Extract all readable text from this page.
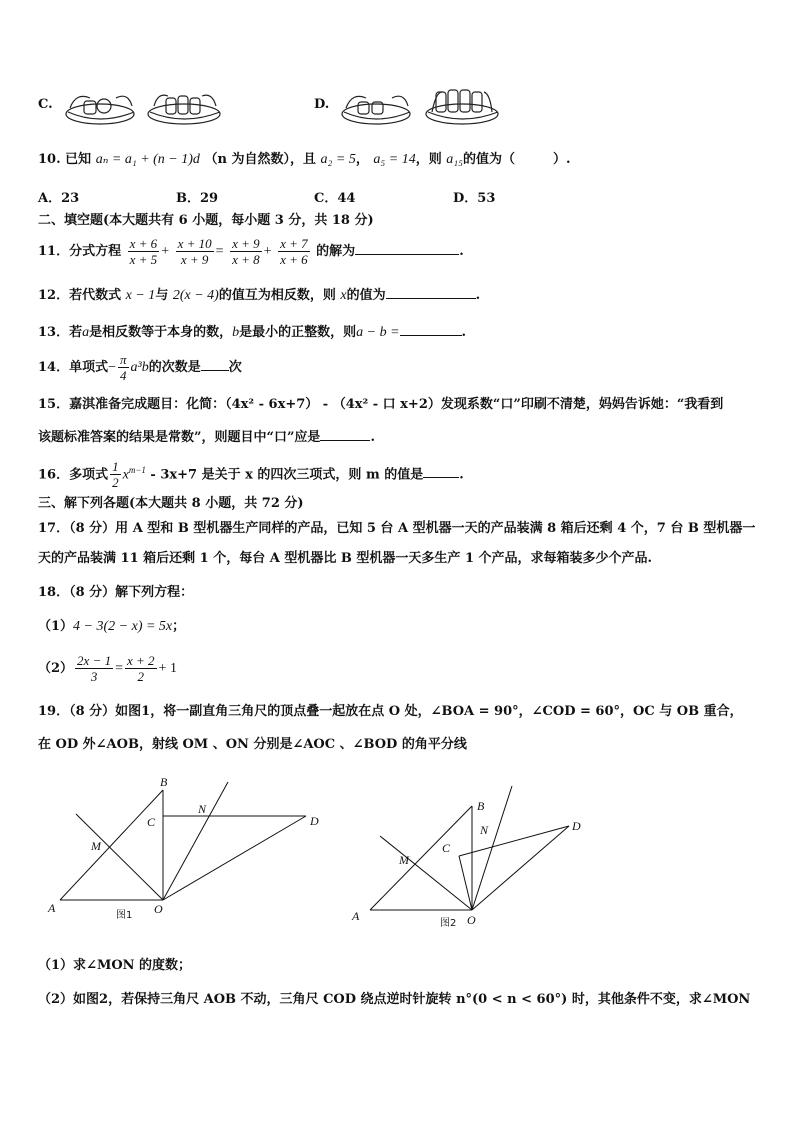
C.	D.
10. 已知 aₙ = a₁ + (n − 1)d （n 为自然数），且 a₂ = 5， a₅ = 14，则 a₁₅的值为（	）.
A．23	B．29	C．44	D．53
二、填空题(本大题共有 6 小题，每小题 3 分，共 18 分)
11．分式方程 $\frac{x + 6}{x + 5} + \frac{x + 10}{x + 9} = \frac{x + 9}{x + 8} + \frac{x + 7}{x + 6}$ 的解为	.
12．若代数式 x − 1与 2(x − 4)的值互为相反数，则 x的值为	.
13．若a是相反数等于本身的数，b是最小的正整数，则a − b =	.
14．单项式− $\frac{\pi}{4} a^3b$的次数是 次
15．嘉淇准备完成题目：化简：（4x² - 6x+7） - （4x² - 口 x+2）发现系数“口”印刷不清楚，妈妈告诉她：“我看到
该题标准答案的结果是常数”，则题目中“口”应是	.
16．多项式 $\frac{1}{2} x^{m-1} - 3x+7$ 是关于 x 的四次三项式，则 m 的值是	.
三、解下列各题(本大题共 8 小题，共 72 分)
17．（8 分）用 A 型和 B 型机器生产同样的产品，已知 5 台 A 型机器一天的产品装满 8 箱后还剩 4 个，7 台 B 型机器一
天的产品装满 11 箱后还剩 1 个，每台 A 型机器比 B 型机器一天多生产 1 个产品，求每箱装多少个产品.
18．（8 分）解下列方程：
（1）4 − 3(2 − x) = 5x；
$(2) \frac{2x - 1}{3} = \frac{x + 2}{2} + 1$
19．（8 分）如图1，将一副直角三角尺的顶点叠一起放在点 O 处，∠BOA = 90°，∠COD = 60°，OC 与 OB 重合，
在 OD 外∠AOB，射线 OM 、ON 分别是∠AOC 、∠BOD 的角平分线
A
B
C	D
M
N
O
图1	A
B
C
D
M
N
O
图2
（1）求∠MON 的度数；
（2）如图2，若保持三角尺 AOB 不动，三角尺 COD 绕点逆时针旋转 n°(0 < n < 60°) 时，其他条件不变，求∠MON
